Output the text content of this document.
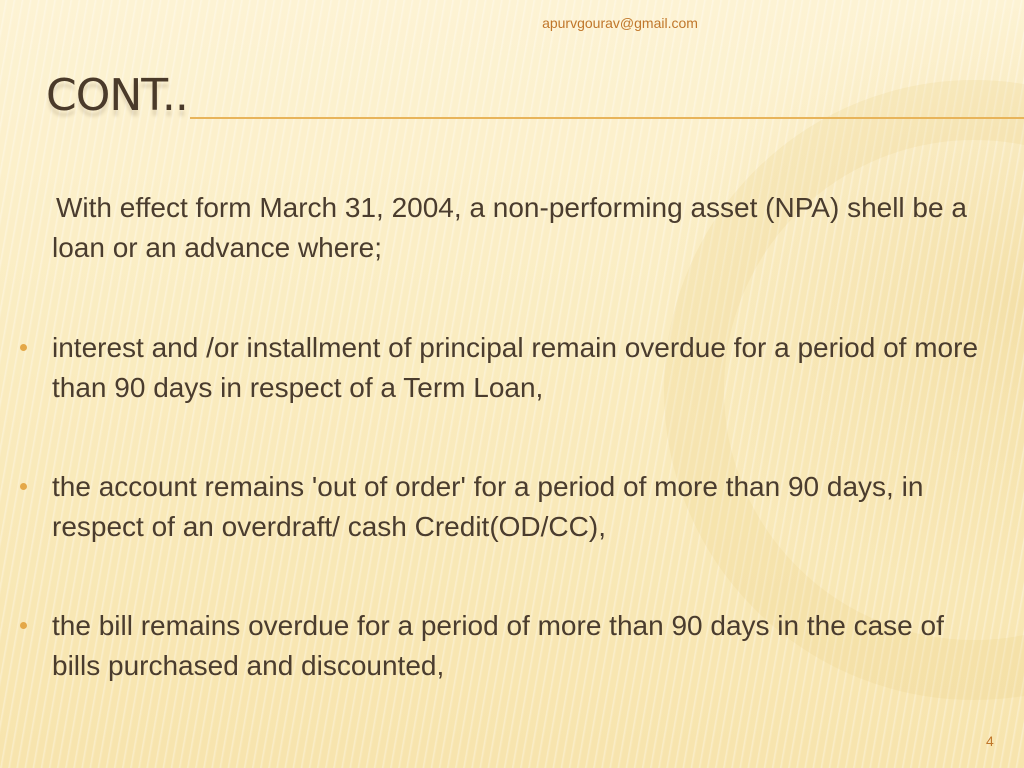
apurvgourav@gmail.com
CONT..

With effect form March 31, 2004, a non-performing asset (NPA) shell be a loan or an advance where;

interest and /or installment of principal remain overdue for a period of more than 90 days in respect of a Term Loan,
the account remains 'out of order' for a period of more than 90 days, in respect of an overdraft/ cash Credit(OD/CC),
the bill remains overdue for a period of more than 90 days in the case of bills purchased and discounted,
4
